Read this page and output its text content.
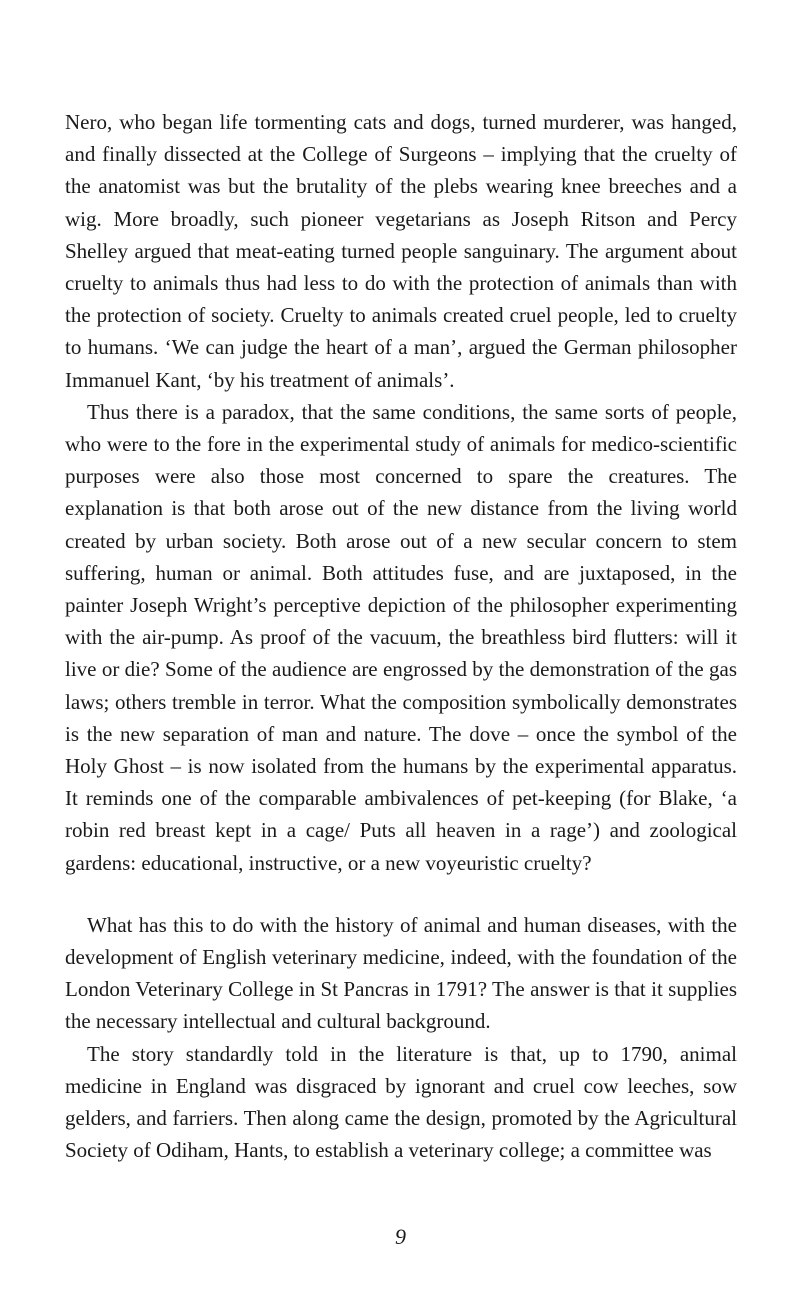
Nero, who began life tormenting cats and dogs, turned murderer, was hanged, and finally dissected at the College of Surgeons – implying that the cruelty of the anatomist was but the brutality of the plebs wearing knee breeches and a wig. More broadly, such pioneer vegetarians as Joseph Ritson and Percy Shelley argued that meat-eating turned people sanguinary. The argument about cruelty to animals thus had less to do with the protection of animals than with the protection of society. Cruelty to animals created cruel people, led to cruelty to humans. ‘We can judge the heart of a man’, argued the German philosopher Immanuel Kant, ‘by his treatment of animals’.

Thus there is a paradox, that the same conditions, the same sorts of people, who were to the fore in the experimental study of animals for medico-scientific purposes were also those most concerned to spare the creatures. The explanation is that both arose out of the new distance from the living world created by urban society. Both arose out of a new secular concern to stem suffering, human or animal. Both attitudes fuse, and are juxtaposed, in the painter Joseph Wright’s perceptive depiction of the philosopher experimenting with the air-pump. As proof of the vacuum, the breathless bird flutters: will it live or die? Some of the audience are engrossed by the demonstration of the gas laws; others tremble in terror. What the composition symbolically demonstrates is the new separation of man and nature. The dove – once the symbol of the Holy Ghost – is now isolated from the humans by the experimental apparatus. It reminds one of the comparable ambivalences of pet-keeping (for Blake, ‘a robin red breast kept in a cage/ Puts all heaven in a rage’) and zoological gardens: educational, instructive, or a new voyeuristic cruelty?

What has this to do with the history of animal and human diseases, with the development of English veterinary medicine, indeed, with the foundation of the London Veterinary College in St Pancras in 1791? The answer is that it supplies the necessary intellectual and cultural background.

The story standardly told in the literature is that, up to 1790, animal medicine in England was disgraced by ignorant and cruel cow leeches, sow gelders, and farriers. Then along came the design, promoted by the Agricultural Society of Odiham, Hants, to establish a veterinary college; a committee was

9
